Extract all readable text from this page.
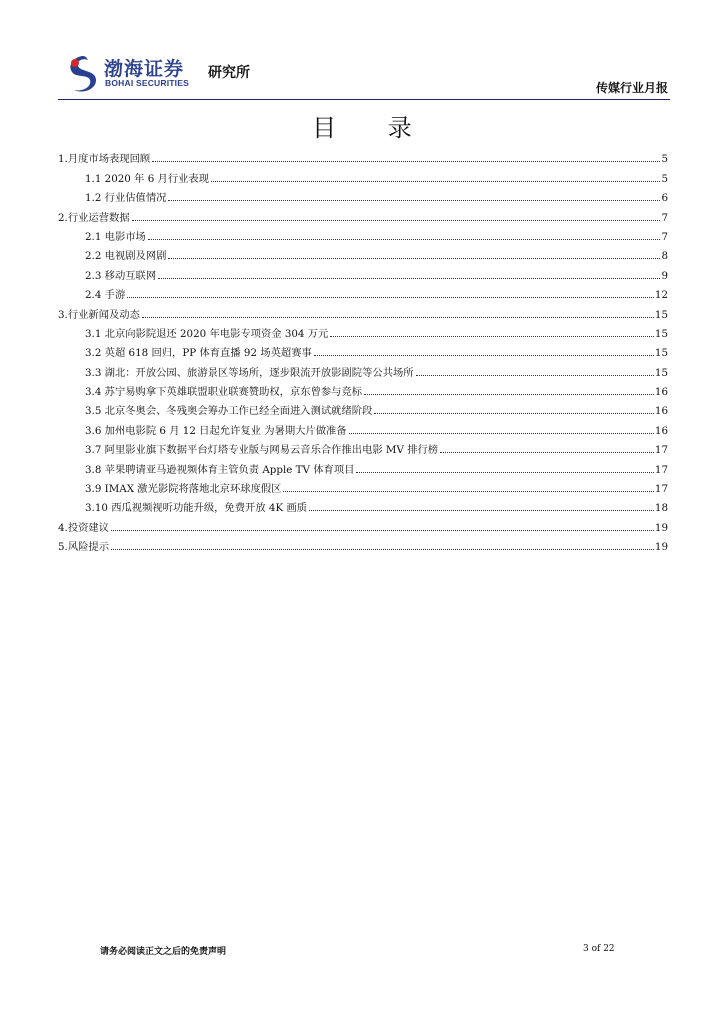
渤海证券
BOHAI SECURITIES
研究所
传媒行业月报
目 录
1.月度市场表现回顾	5
1.1 2020 年 6 月行业表现	5
1.2 行业估值情况	6
2.行业运营数据	7
2.1 电影市场	7
2.2 电视剧及网剧	8
2.3 移动互联网	9
2.4 手游	12
3.行业新闻及动态	15
3.1 北京向影院退还 2020 年电影专项资金 304 万元	15
3.2 英超 618 回归，PP 体育直播 92 场英超赛事	15
3.3 湖北：开放公园、旅游景区等场所，逐步限流开放影剧院等公共场所	15
3.4 苏宁易购拿下英雄联盟职业联赛赞助权，京东曾参与竞标	16
3.5 北京冬奥会、冬残奥会筹办工作已经全面进入测试就绪阶段	16
3.6 加州电影院 6 月 12 日起允许复业 为暑期大片做准备	16
3.7 阿里影业旗下数据平台灯塔专业版与网易云音乐合作推出电影 MV 排行榜	17
3.8 苹果聘请亚马逊视频体育主管负责 Apple TV 体育项目	17
3.9 IMAX 激光影院将落地北京环球度假区	17
3.10 西瓜视频视听功能升级，免费开放 4K 画质	18
4.投资建议	19
5.风险提示	19
请务必阅读正文之后的免责声明	3 of 22
